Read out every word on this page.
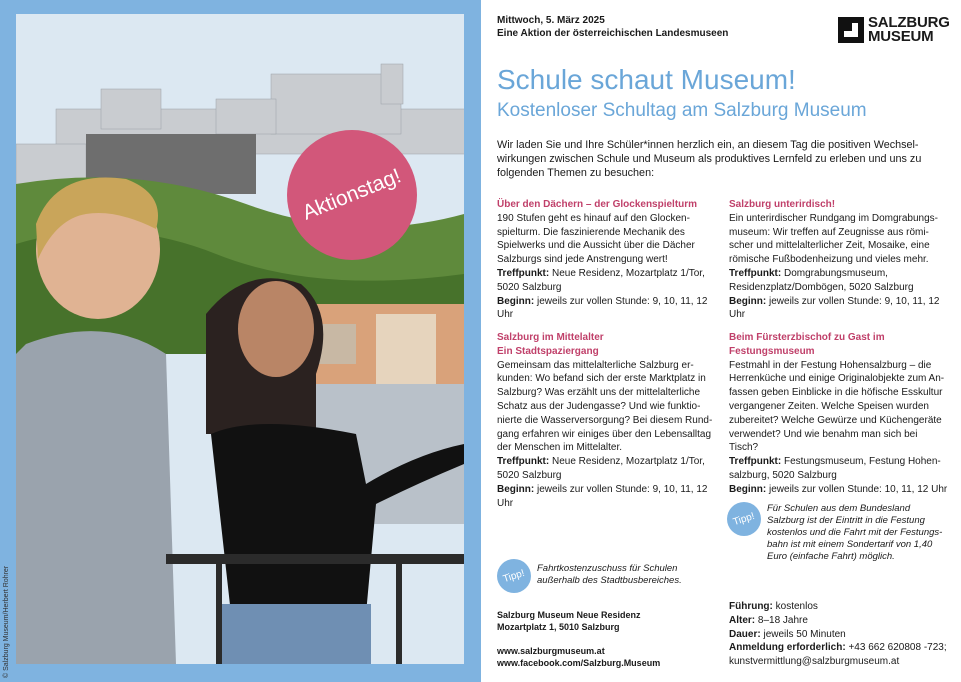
© Salzburg Museum/Herbert Rohrer
Aktionstag!
Mittwoch, 5. März 2025
Eine Aktion der österreichischen Landesmuseen
SALZBURG
MUSEUM
Schule schaut Museum!
Kostenloser Schultag am Salzburg Museum
Wir laden Sie und Ihre Schüler*innen herzlich ein, an diesem Tag die positiven Wechsel-wirkungen zwischen Schule und Museum als produktives Lernfeld zu erleben und uns zu folgenden Themen zu besuchen:
Über den Dächern – der Glockenspielturm

190 Stufen geht es hinauf auf den Glocken-spielturm. Die faszinierende Mechanik des Spielwerks und die Aussicht über die Dächer Salzburgs sind jede Anstrengung wert!

Treffpunkt: Neue Residenz, Mozartplatz 1/Tor, 5020 Salzburg

Beginn: jeweils zur vollen Stunde: 9, 10, 11, 12 Uhr

Salzburg unterirdisch!

Ein unterirdischer Rundgang im Domgrabungs-museum: Wir treffen auf Zeugnisse aus römi-scher und mittelalterlicher Zeit, Mosaike, eine römische Fußbodenheizung und vieles mehr.

Treffpunkt: Domgrabungsmuseum, Residenzplatz/Dombögen, 5020 Salzburg

Beginn: jeweils zur vollen Stunde: 9, 10, 11, 12 Uhr

Salzburg im Mittelalter
Ein Stadtspaziergang

Gemeinsam das mittelalterliche Salzburg er-kunden: Wo befand sich der erste Marktplatz in Salzburg? Was erzählt uns der mittelalterliche Schatz aus der Judengasse? Und wie funktio-nierte die Wasserversorgung? Bei diesem Rund-gang erfahren wir einiges über den Lebensalltag der Menschen im Mittelalter.

Treffpunkt: Neue Residenz, Mozartplatz 1/Tor, 5020 Salzburg

Beginn: jeweils zur vollen Stunde: 9, 10, 11, 12 Uhr

Beim Fürsterzbischof zu Gast im Festungsmuseum

Festmahl in der Festung Hohensalzburg – die Herrenküche und einige Originalobjekte zum An-fassen geben Einblicke in die höfische Esskultur vergangener Zeiten. Welche Speisen wurden zubereitet? Welche Gewürze und Küchengeräte verwendet? Und wie benahm man sich bei Tisch?

Treffpunkt: Festungsmuseum, Festung Hohen-salzburg, 5020 Salzburg

Beginn: jeweils zur vollen Stunde: 10, 11, 12 Uhr

Tipp! Fahrtkostenzuschuss für Schulen außerhalb des Stadtbusbereiches.
Tipp!
Für Schulen aus dem Bundesland Salzburg ist der Eintritt in die Festung kostenlos und die Fahrt mit der Festungs-bahn ist mit einem Sondertarif von 1,40 Euro (einfache Fahrt) möglich.
Salzburg Museum Neue Residenz
Mozartplatz 1, 5010 Salzburg
www.salzburgmuseum.at
www.facebook.com/Salzburg.Museum
Führung: kostenlos
Alter: 8–18 Jahre
Dauer: jeweils 50 Minuten
Anmeldung erforderlich: +43 662 620808 -723;
kunstvermittlung@salzburgmuseum.at
